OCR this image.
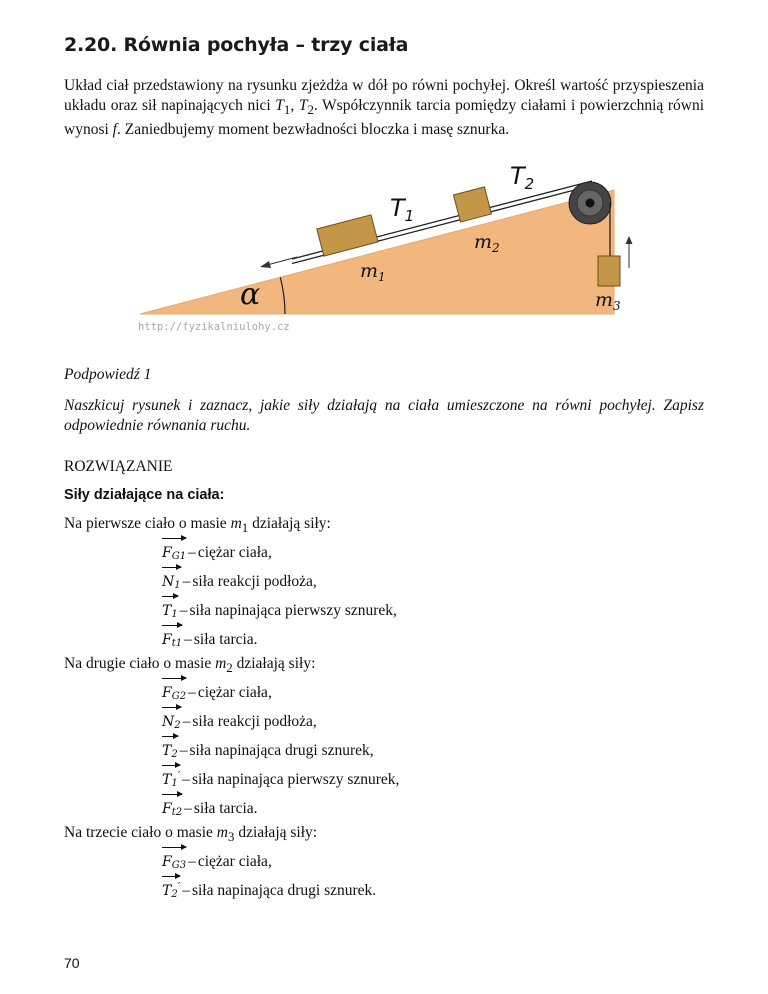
2.20. Równia pochyła – trzy ciała

Układ ciał przedstawiony na rysunku zjeżdża w dół po równi pochyłej. Określ wartość przyspieszenia układu oraz sił napinających nici $T_1$, $T_2$. Współczynnik tarcia pomiędzy ciałami i powierzchnią równi wynosi f. Zaniedbujemy moment bezwładności bloczka i masę sznurka.

α
$T_1$
$T_2$
$m_1$
$m_2$
$m_3$
http://fyzikalniulohy.cz

Podpowiedź 1

Naszkicuj rysunek i zaznacz, jakie siły działają na ciała umieszczone na równi pochyłej. Zapisz odpowiednie równania ruchu.

ROZWIĄZANIE

Siły działające na ciała:

Na pierwsze ciało o masie $m_1$ działają siły:

$F_{G1}$ – ciężar ciała,
$N_1$ – siła reakcji podłoża,
$T_1$ – siła napinająca pierwszy sznurek,
$F_{t1}$ – siła tarcia.

Na drugie ciało o masie $m_2$ działają siły:

$F_{G2}$ – ciężar ciała,
$N_2$ – siła reakcji podłoża,
$T_2$ – siła napinająca drugi sznurek,
$T_1'$ – siła napinająca pierwszy sznurek,
$F_{t2}$ – siła tarcia.

Na trzecie ciało o masie $m_3$ działają siły:

$F_{G3}$ – ciężar ciała,
$T_2'$ – siła napinająca drugi sznurek.

70
